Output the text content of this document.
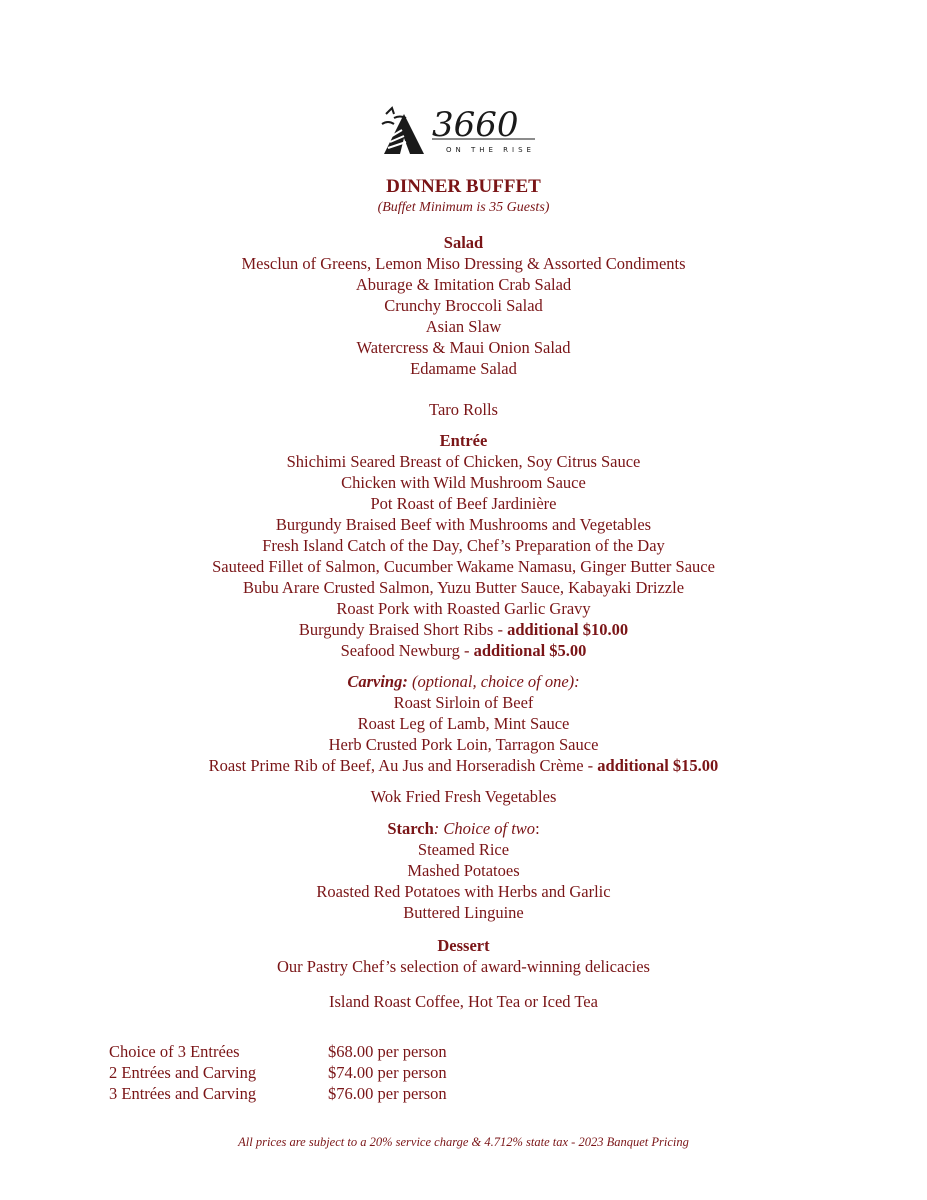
3660
ON THE RISE
DINNER BUFFET
(Buffet Minimum is 35 Guests)
Salad
Mesclun of Greens, Lemon Miso Dressing & Assorted Condiments
Aburage & Imitation Crab Salad
Crunchy Broccoli Salad
Asian Slaw
Watercress & Maui Onion Salad
Edamame Salad
Taro Rolls
Entrée
Shichimi Seared Breast of Chicken, Soy Citrus Sauce
Chicken with Wild Mushroom Sauce
Pot Roast of Beef Jardinière
Burgundy Braised Beef with Mushrooms and Vegetables
Fresh Island Catch of the Day, Chef’s Preparation of the Day
Sauteed Fillet of Salmon, Cucumber Wakame Namasu, Ginger Butter Sauce
Bubu Arare Crusted Salmon, Yuzu Butter Sauce, Kabayaki Drizzle
Roast Pork with Roasted Garlic Gravy
Burgundy Braised Short Ribs - additional $10.00
Seafood Newburg - additional $5.00
Carving: (optional, choice of one):
Roast Sirloin of Beef
Roast Leg of Lamb, Mint Sauce
Herb Crusted Pork Loin, Tarragon Sauce
Roast Prime Rib of Beef, Au Jus and Horseradish Crème - additional $15.00
Wok Fried Fresh Vegetables
Starch: Choice of two:
Steamed Rice
Mashed Potatoes
Roasted Red Potatoes with Herbs and Garlic
Buttered Linguine
Dessert
Our Pastry Chef’s selection of award-winning delicacies
Island Roast Coffee, Hot Tea or Iced Tea
Choice of 3 Entrées	$68.00 per person
2 Entrées and Carving	$74.00 per person
3 Entrées and Carving	$76.00 per person
All prices are subject to a 20% service charge & 4.712% state tax - 2023 Banquet Pricing
